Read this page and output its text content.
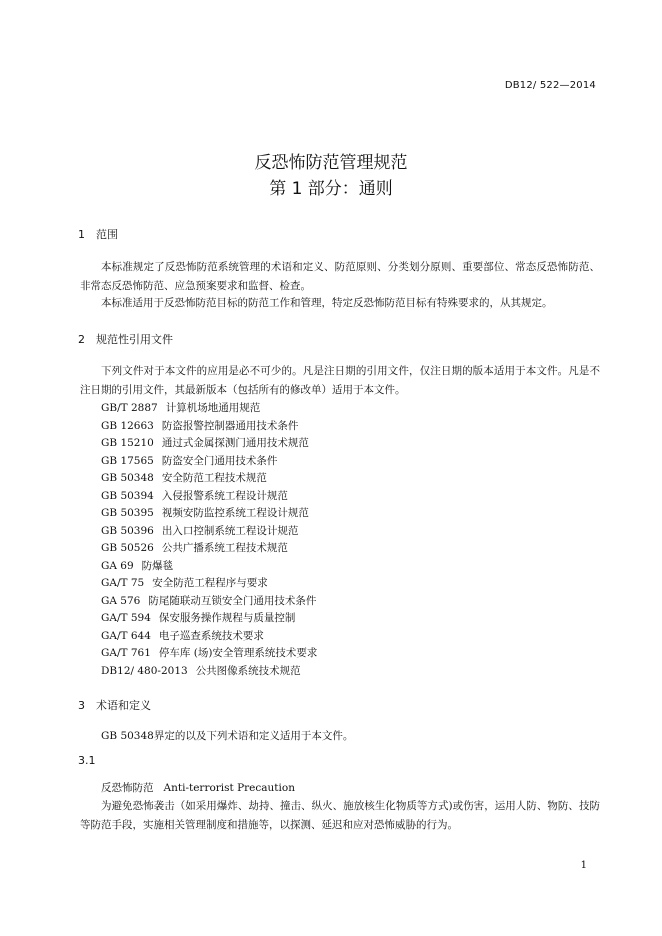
DB12/ 522—2014
反恐怖防范管理规范
第 1 部分：通则
1 范围
本标准规定了反恐怖防范系统管理的术语和定义、防范原则、分类划分原则、重要部位、常态反恐怖防范、非常态反恐怖防范、应急预案要求和监督、检查。
本标准适用于反恐怖防范目标的防范工作和管理，特定反恐怖防范目标有特殊要求的，从其规定。
2 规范性引用文件
下列文件对于本文件的应用是必不可少的。凡是注日期的引用文件，仅注日期的版本适用于本文件。凡是不注日期的引用文件，其最新版本（包括所有的修改单）适用于本文件。
GB/T 2887 计算机场地通用规范
GB 12663 防盗报警控制器通用技术条件
GB 15210 通过式金属探测门通用技术规范
GB 17565 防盗安全门通用技术条件
GB 50348 安全防范工程技术规范
GB 50394 入侵报警系统工程设计规范
GB 50395 视频安防监控系统工程设计规范
GB 50396 出入口控制系统工程设计规范
GB 50526 公共广播系统工程技术规范
GA 69 防爆毯
GA/T 75 安全防范工程程序与要求
GA 576 防尾随联动互锁安全门通用技术条件
GA/T 594 保安服务操作规程与质量控制
GA/T 644 电子巡查系统技术要求
GA/T 761 停车库 (场)安全管理系统技术要求
DB12/ 480-2013 公共图像系统技术规范
3 术语和定义
GB 50348界定的以及下列术语和定义适用于本文件。
3.1
反恐怖防范 Anti-terrorist Precaution
为避免恐怖袭击（如采用爆炸、劫持、撞击、纵火、施放核生化物质等方式)或伤害，运用人防、物防、技防等防范手段，实施相关管理制度和措施等，以探测、延迟和应对恐怖威胁的行为。
1
